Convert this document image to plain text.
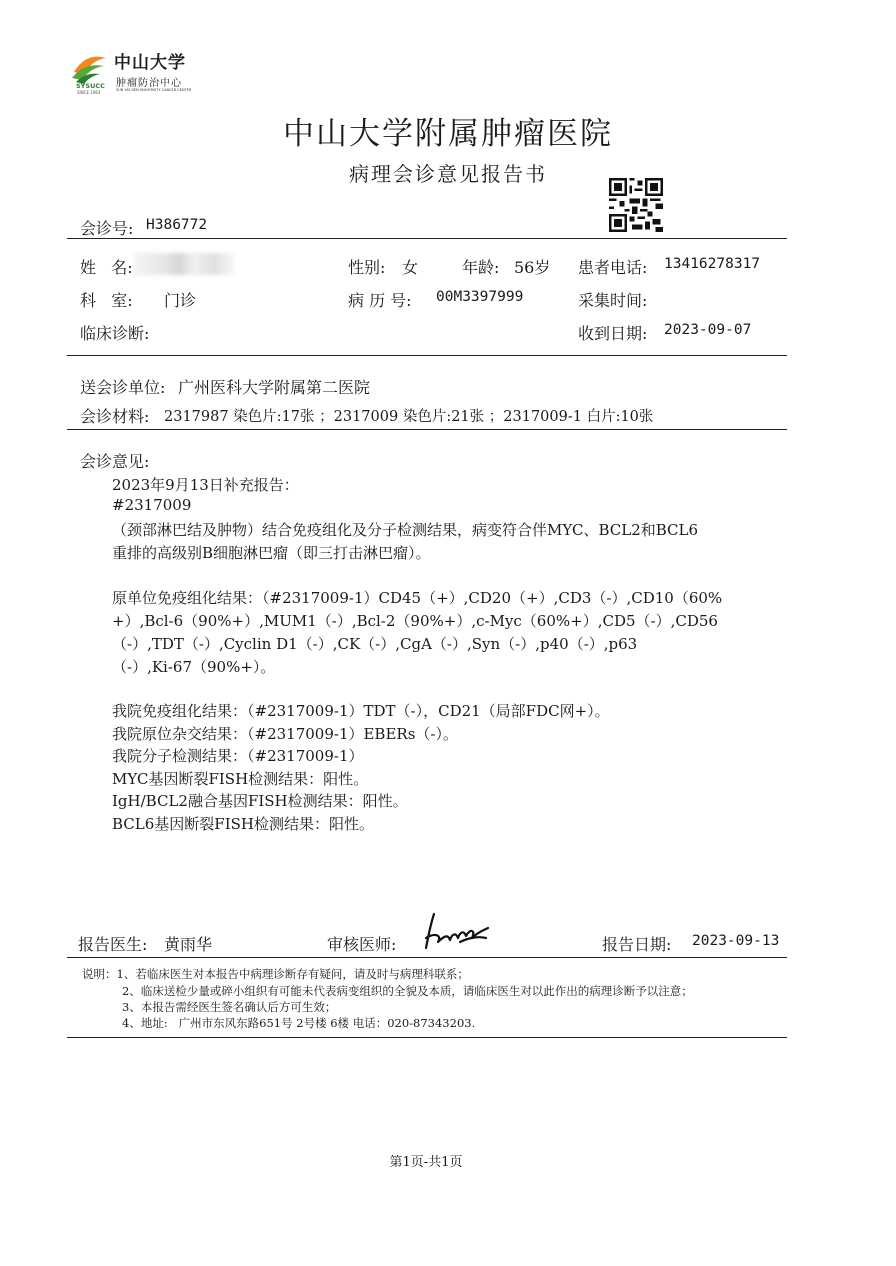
SYSUCC
SINCE 1964
中山大学
肿瘤防治中心
SUN YAT-SEN UNIVERSITY CANCER CENTER
中山大学附属肿瘤医院
病理会诊意见报告书
会诊号: H386772
姓   名:	性别: 女	年龄: 56岁 患者电话: 13416278317
科   室: 门诊	病 历 号: 00M3397999	采集时间:
临床诊断:	收到日期: 2023-09-07
送会诊单位: 广州医科大学附属第二医院
会诊材料: 2317987 染色片:17张 ；2317009 染色片:21张 ；2317009-1 白片:10张
会诊意见:
2023年9月13日补充报告：
#2317009
（颈部淋巴结及肿物）结合免疫组化及分子检测结果，病变符合伴MYC、BCL2和BCL6
重排的高级别B细胞淋巴瘤（即三打击淋巴瘤）。
原单位免疫组化结果：（#2317009-1）CD45（+）,CD20（+）,CD3（-）,CD10（60%
+）,Bcl-6（90%+）,MUM1（-）,Bcl-2（90%+）,c-Myc（60%+）,CD5（-）,CD56
（-）,TDT（-）,Cyclin D1（-）,CK（-）,CgA（-）,Syn（-）,p40（-）,p63
（-）,Ki-67（90%+）。
我院免疫组化结果：（#2317009-1）TDT（-），CD21（局部FDC网+）。
我院原位杂交结果：（#2317009-1）EBERs（-）。
我院分子检测结果：（#2317009-1）
MYC基因断裂FISH检测结果：阳性。
IgH/BCL2融合基因FISH检测结果：阳性。
BCL6基因断裂FISH检测结果：阳性。
报告医生: 黄雨华	审核医师:	报告日期: 2023-09-13
说明：1、若临床医生对本报告中病理诊断存有疑问，请及时与病理科联系；
2、临床送检少量或碎小组织有可能未代表病变组织的全貌及本质，请临床医生对以此作出的病理诊断予以注意；
3、本报告需经医生签名确认后方可生效；
4、地址:   广州市东风东路651号 2号楼 6楼 电话：020-87343203.
第1页-共1页
